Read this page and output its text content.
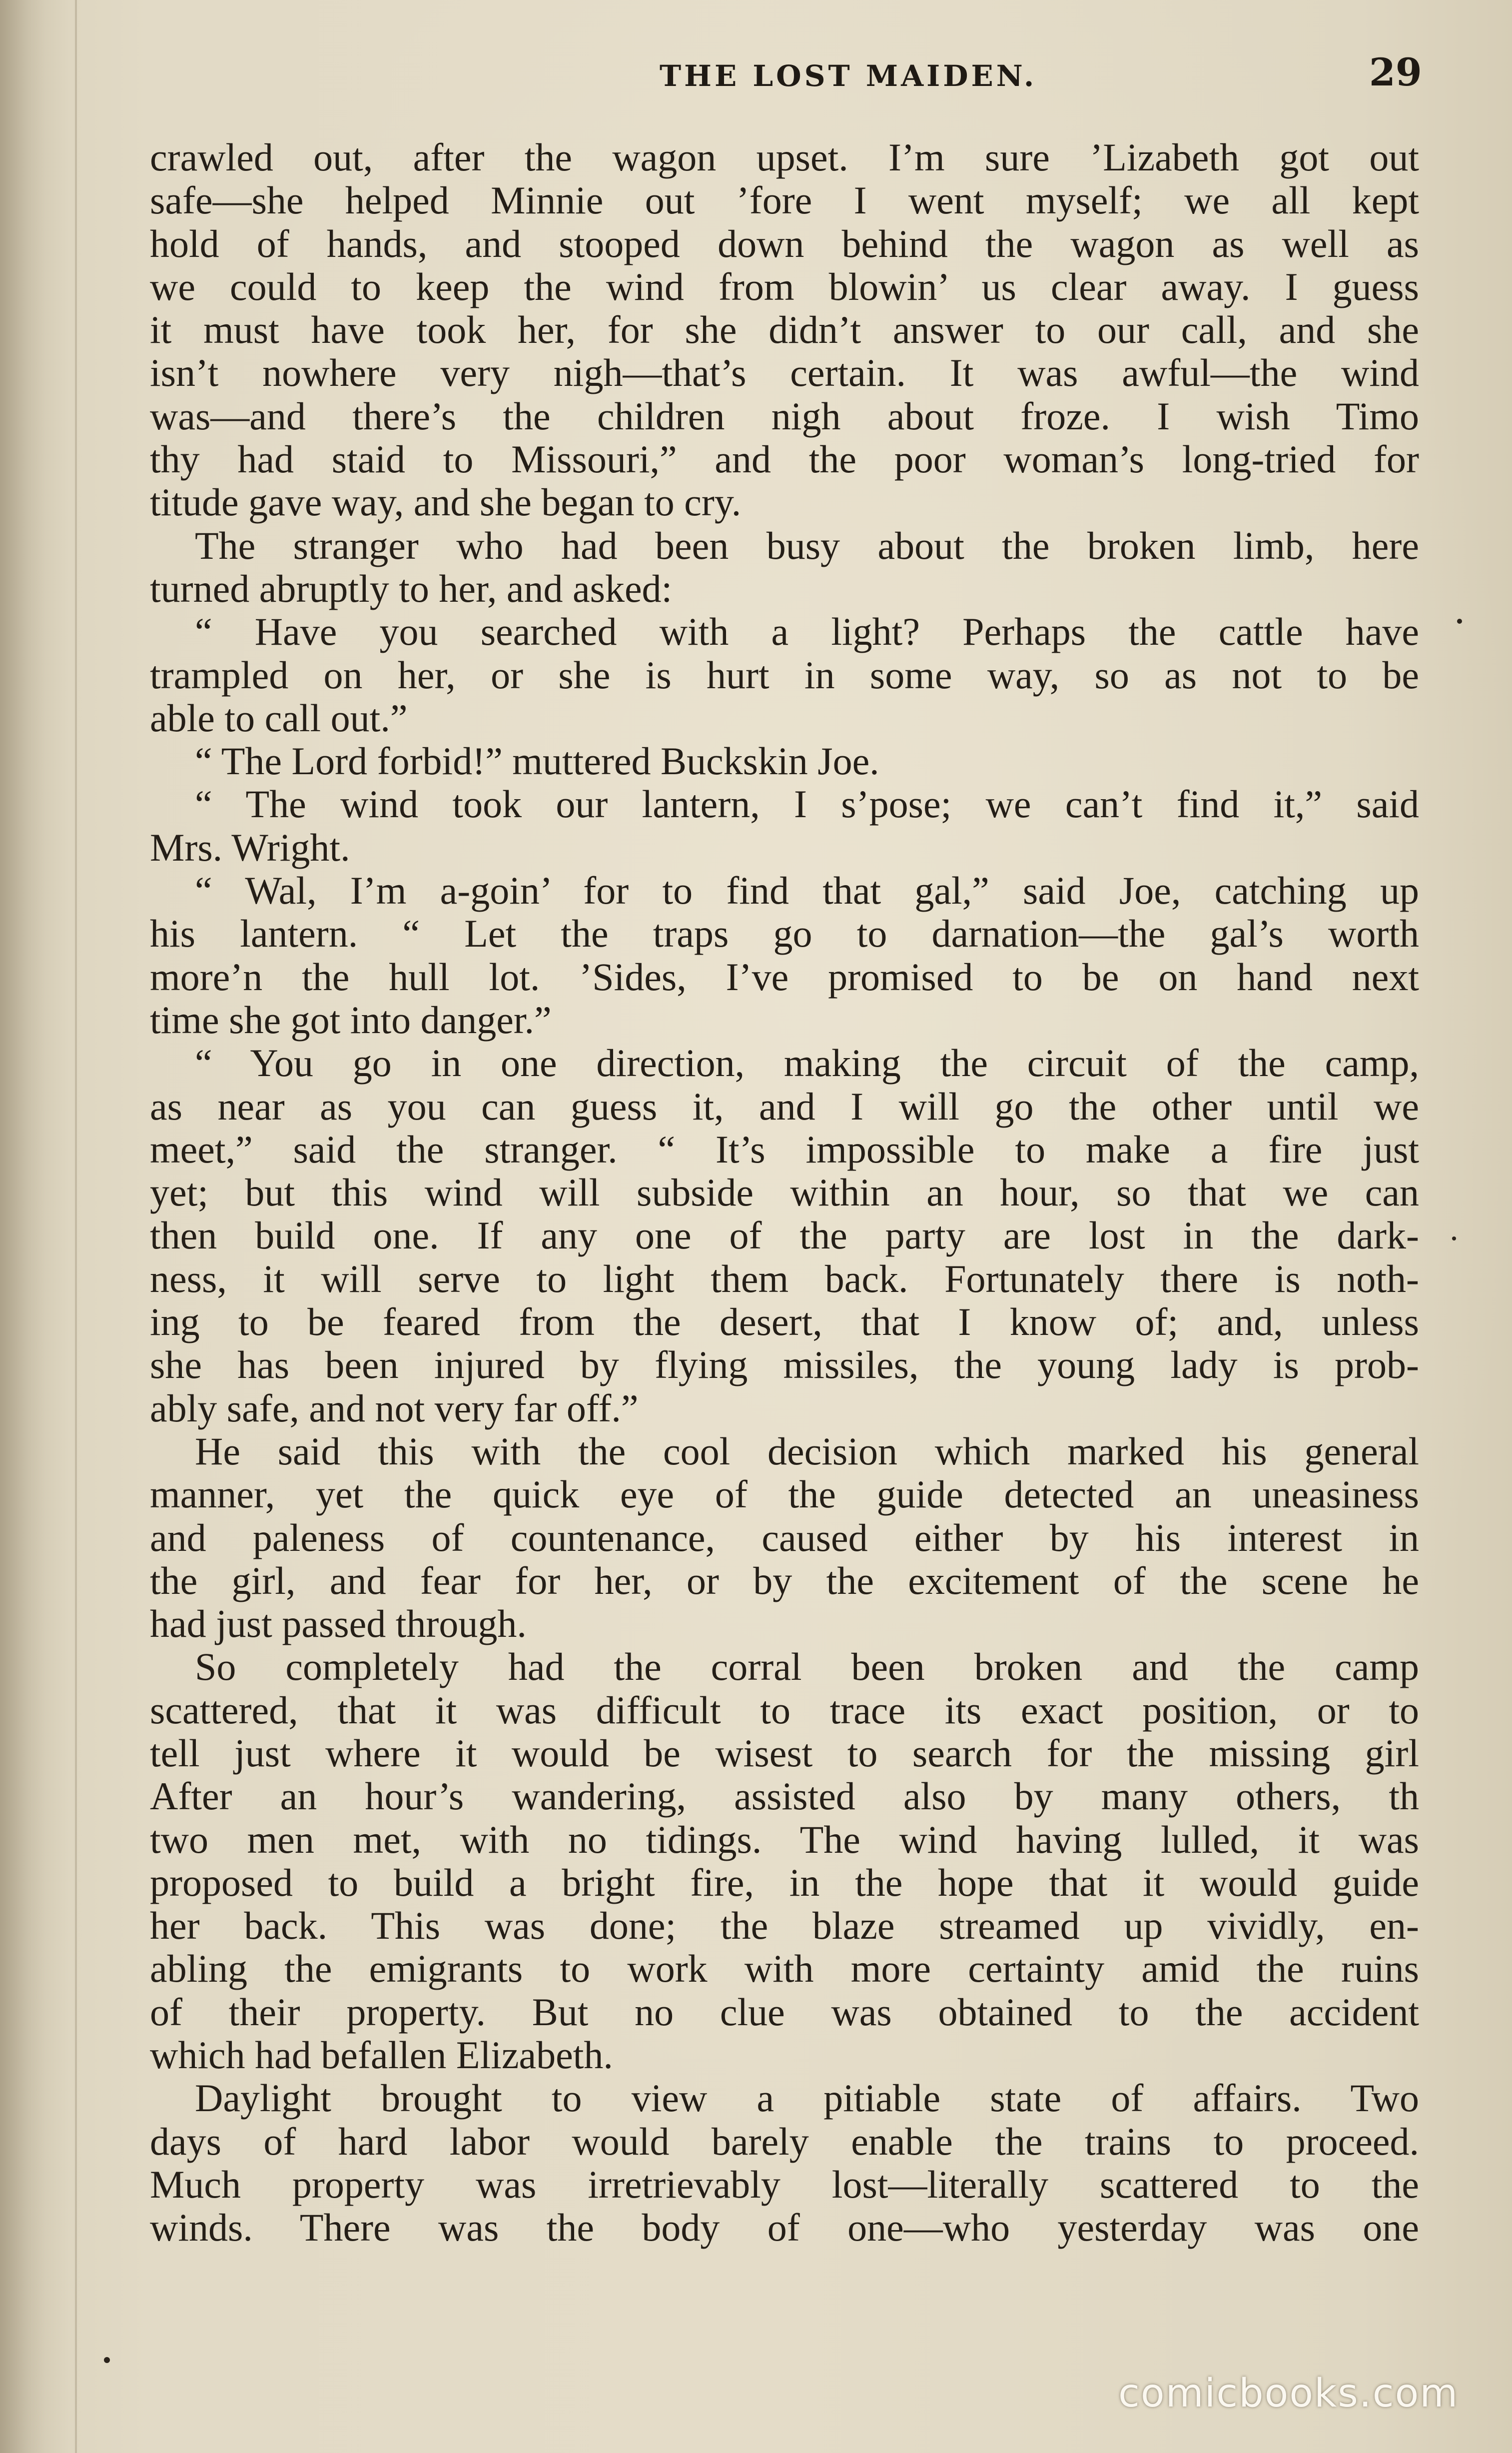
THE LOST MAIDEN.	29
crawled out, after the wagon upset. I’m sure ’Lizabeth got out
safe—she helped Minnie out ’fore I went myself; we all kept
hold of hands, and stooped down behind the wagon as well as
we could to keep the wind from blowin’ us clear away. I guess
it must have took her, for she didn’t answer to our call, and she
isn’t nowhere very nigh—that’s certain. It was awful—the wind
was—and there’s the children nigh about froze. I wish Timo
thy had staid to Missouri,” and the poor woman’s long-tried for
titude gave way, and she began to cry.
The stranger who had been busy about the broken limb, here
turned abruptly to her, and asked:
“ Have you searched with a light? Perhaps the cattle have
trampled on her, or she is hurt in some way, so as not to be
able to call out.”
“ The Lord forbid!” muttered Buckskin Joe.
“ The wind took our lantern, I s’pose; we can’t find it,” said
Mrs. Wright.
“ Wal, I’m a-goin’ for to find that gal,” said Joe, catching up
his lantern. “ Let the traps go to darnation—the gal’s worth
more’n the hull lot. ’Sides, I’ve promised to be on hand next
time she got into danger.”
“ You go in one direction, making the circuit of the camp,
as near as you can guess it, and I will go the other until we
meet,” said the stranger. “ It’s impossible to make a fire just
yet; but this wind will subside within an hour, so that we can
then build one. If any one of the party are lost in the dark-
ness, it will serve to light them back. Fortunately there is noth-
ing to be feared from the desert, that I know of; and, unless
she has been injured by flying missiles, the young lady is prob-
ably safe, and not very far off.”
He said this with the cool decision which marked his general
manner, yet the quick eye of the guide detected an uneasiness
and paleness of countenance, caused either by his interest in
the girl, and fear for her, or by the excitement of the scene he
had just passed through.
So completely had the corral been broken and the camp
scattered, that it was difficult to trace its exact position, or to
tell just where it would be wisest to search for the missing girl
After an hour’s wandering, assisted also by many others, th
two men met, with no tidings. The wind having lulled, it was
proposed to build a bright fire, in the hope that it would guide
her back. This was done; the blaze streamed up vividly, en-
abling the emigrants to work with more certainty amid the ruins
of their property. But no clue was obtained to the accident
which had befallen Elizabeth.
Daylight brought to view a pitiable state of affairs. Two
days of hard labor would barely enable the trains to proceed.
Much property was irretrievably lost—literally scattered to the
winds. There was the body of one—who yesterday was one
comicbooks.com
